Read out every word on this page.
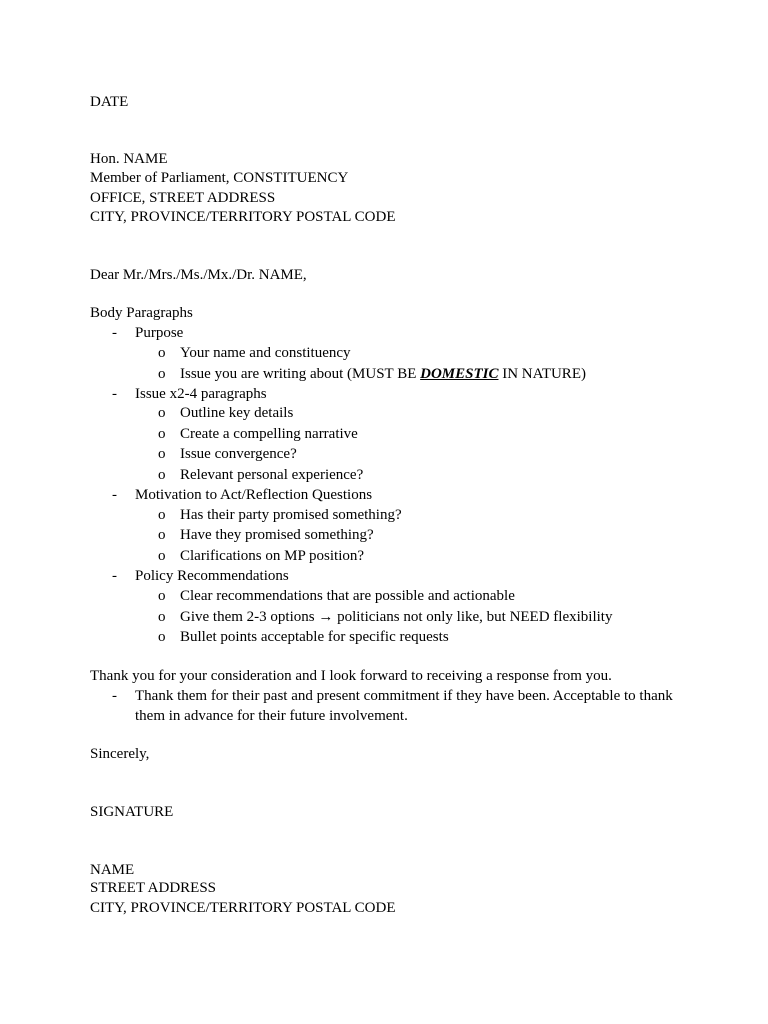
DATE
Hon. NAME
Member of Parliament, CONSTITUENCY
OFFICE, STREET ADDRESS
CITY, PROVINCE/TERRITORY POSTAL CODE
Dear Mr./Mrs./Ms./Mx./Dr. NAME,
Body Paragraphs
- Purpose
o Your name and constituency
o Issue you are writing about (MUST BE DOMESTIC IN NATURE)
- Issue x2-4 paragraphs
o Outline key details
o Create a compelling narrative
o Issue convergence?
o Relevant personal experience?
- Motivation to Act/Reflection Questions
o Has their party promised something?
o Have they promised something?
o Clarifications on MP position?
- Policy Recommendations
o Clear recommendations that are possible and actionable
o Give them 2-3 options → politicians not only like, but NEED flexibility
o Bullet points acceptable for specific requests
Thank you for your consideration and I look forward to receiving a response from you.
- Thank them for their past and present commitment if they have been. Acceptable to thank them in advance for their future involvement.
Sincerely,
SIGNATURE
NAME
STREET ADDRESS
CITY, PROVINCE/TERRITORY POSTAL CODE
